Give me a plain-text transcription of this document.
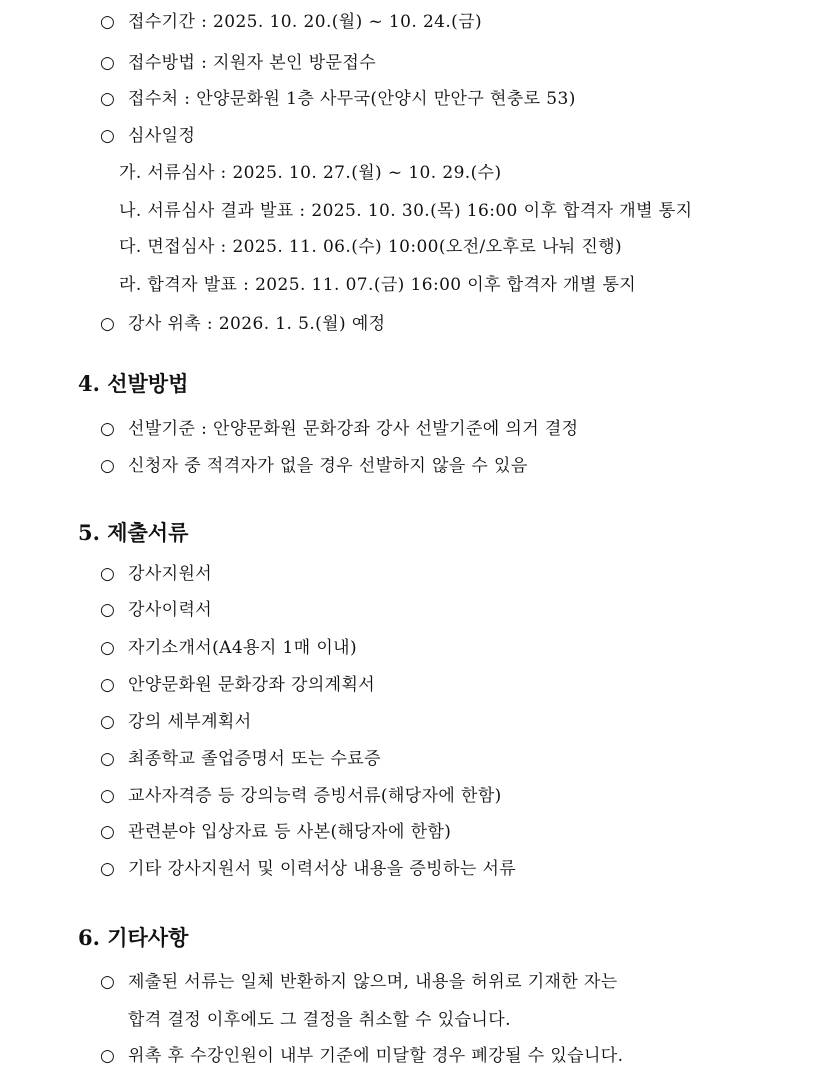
○ 접수기간 : 2025. 10. 20.(월) ~ 10. 24.(금)
○ 접수방법 : 지원자 본인 방문접수
○ 접수처 : 안양문화원 1층 사무국(안양시 만안구 현충로 53)
○ 심사일정
가. 서류심사 : 2025. 10. 27.(월) ~ 10. 29.(수)
나. 서류심사 결과 발표 : 2025. 10. 30.(목) 16:00 이후 합격자 개별 통지
다. 면접심사 : 2025. 11. 06.(수) 10:00(오전/오후로 나눠 진행)
라. 합격자 발표 : 2025. 11. 07.(금) 16:00 이후 합격자 개별 통지
○ 강사 위촉 : 2026. 1. 5.(월) 예정
4. 선발방법
○ 선발기준 : 안양문화원 문화강좌 강사 선발기준에 의거 결정
○ 신청자 중 적격자가 없을 경우 선발하지 않을 수 있음
5. 제출서류
○ 강사지원서
○ 강사이력서
○ 자기소개서(A4용지 1매 이내)
○ 안양문화원 문화강좌 강의계획서
○ 강의 세부계획서
○ 최종학교 졸업증명서 또는 수료증
○ 교사자격증 등 강의능력 증빙서류(해당자에 한함)
○ 관련분야 입상자료 등 사본(해당자에 한함)
○ 기타 강사지원서 및 이력서상 내용을 증빙하는 서류
6. 기타사항
○ 제출된 서류는 일체 반환하지 않으며, 내용을 허위로 기재한 자는
합격 결정 이후에도 그 결정을 취소할 수 있습니다.
○ 위촉 후 수강인원이 내부 기준에 미달할 경우 폐강될 수 있습니다.
